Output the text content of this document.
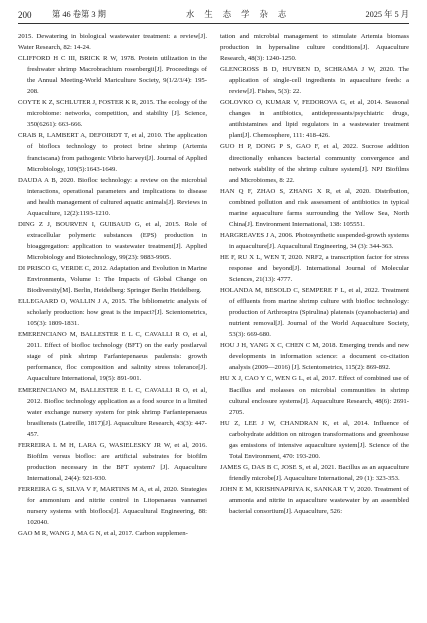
200 第 46 卷第 3 期	水 生 态 学 杂 志	2025 年 5 月

2015. Dewatering in biological wastewater treatment: a review[J]. Water Research, 82: 14-24.

CLIFFORD H C III, BRICK R W, 1978. Protein utilization in the freshwater shrimp Macrobrachium rosenbergii[J]. Proceedings of the Annual Meeting-World Mariculture Society, 9(1/2/3/4): 195-208.

COYTE K Z, SCHLUTER J, FOSTER K R, 2015. The ecology of the microbiome: networks, competition, and stability [J]. Science, 350(6261): 663-666.

CRAB R, LAMBERT A, DEFOIRDT T, et al, 2010. The application of bioflocs technology to protect brine shrimp (Artemia franciscana) from pathogenic Vibrio harveyi[J]. Journal of Applied Microbiology, 109(5):1643-1649.

DAUDA A B, 2020. Biofloc technology: a review on the microbial interactions, operational parameters and implications to disease and health management of cultured aquatic animals[J]. Reviews in Aquaculture, 12(2):1193-1210.

DING Z J, BOURVEN I, GUIBAUD G, et al, 2015. Role of extracellular polymeric substances (EPS) production in bioaggregation: application to wastewater treatment[J]. Applied Microbiology and Biotechnology, 99(23): 9883-9905.

DI PRISCO G, VERDE C, 2012. Adaptation and Evolution in Marine Environments, Volume 1: The Impacts of Global Change on Biodiversity[M]. Berlin, Heidelberg: Springer Berlin Heidelberg.

ELLEGAARD O, WALLIN J A, 2015. The bibliometric analysis of scholarly production: how great is the impact?[J]. Scientometrics, 105(3): 1809-1831.

EMERENCIANO M, BALLESTER E L C, CAVALLI R O, et al, 2011. Effect of biofloc technology (BFT) on the early postlarval stage of pink shrimp Farfantepenaeus paulensis: growth performance, floc composition and salinity stress tolerance[J]. Aquaculture International, 19(5): 891-901.

EMERENCIANO M, BALLESTER E L C, CAVALLI R O, et al, 2012. Biofloc technology application as a food source in a limited water exchange nursery system for pink shrimp Farfantepenaeus brasiliensis (Latreille, 1817)[J]. Aquaculture Research, 43(3): 447-457.

FERREIRA L M H, LARA G, WASIELESKY JR W, et al, 2016. Biofilm versus biofloc: are artificial substrates for biofilm production necessary in the BFT system? [J]. Aquaculture International, 24(4): 921-930.

FERREIRA G S, SILVA V F, MARTINS M A, et al, 2020. Strategies for ammonium and nitrite control in Litopenaeus vannamei nursery systems with bioflocs[J]. Aquacultural Engineering, 88: 102040.

GAO M R, WANG J, MA G N, et al, 2017. Carbon supplemen-

tation and microbial management to stimulate Artemia biomass production in hypersaline culture conditions[J]. Aquaculture Research, 48(3): 1240-1250.

GLENCROSS B D, HUYBEN D, SCHRAMA J W, 2020. The application of single-cell ingredients in aquaculture feeds: a review[J]. Fishes, 5(3): 22.

GOLOVKO O, KUMAR V, FEDOROVA G, et al, 2014. Seasonal changes in antibiotics, antidepressants/psychiatric drugs, antihistamines and lipid regulators in a wastewater treatment plant[J]. Chemosphere, 111: 418-426.

GUO H P, DONG P S, GAO F, et al, 2022. Sucrose addition directionally enhances bacterial community convergence and network stability of the shrimp culture system[J]. NPJ Biofilms and Microbiomes, 8: 22.

HAN Q F, ZHAO S, ZHANG X R, et al, 2020. Distribution, combined pollution and risk assessment of antibiotics in typical marine aquaculture farms surrounding the Yellow Sea, North China[J]. Environment International, 138: 105551.

HARGREAVES J A, 2006. Photosynthetic suspended-growth systems in aquaculture[J]. Aquacultural Engineering, 34 (3): 344-363.

HE F, RU X L, WEN T, 2020. NRF2, a transcription factor for stress response and beyond[J]. International Journal of Molecular Sciences, 21(13): 4777.

HOLANDA M, BESOLD C, SEMPERE F L, et al, 2022. Treatment of effluents from marine shrimp culture with biofloc technology: production of Arthrospira (Spirulina) platensis (cyanobacteria) and nutrient removal[J]. Journal of the World Aquaculture Society, 53(3): 669-680.

HOU J H, YANG X C, CHEN C M, 2018. Emerging trends and new developments in information science: a document co-citation analysis (2009—2016) [J]. Scientometrics, 115(2): 869-892.

HU X J, CAO Y C, WEN G L, et al, 2017. Effect of combined use of Bacillus and molasses on microbial communities in shrimp cultural enclosure systems[J]. Aquaculture Research, 48(6): 2691-2705.

HU Z, LEE J W, CHANDRAN K, et al, 2014. Influence of carbohydrate addition on nitrogen transformations and greenhouse gas emissions of intensive aquaculture system[J]. Science of the Total Environment, 470: 193-200.

JAMES G, DAS B C, JOSE S, et al, 2021. Bacillus as an aquaculture friendly microbe[J]. Aquaculture International, 29 (1): 323-353.

JOHN E M, KRISHNAPRIYA K, SANKAR T V, 2020. Treatment of ammonia and nitrite in aquaculture wastewater by an assembled bacterial consortium[J]. Aquaculture, 526:
